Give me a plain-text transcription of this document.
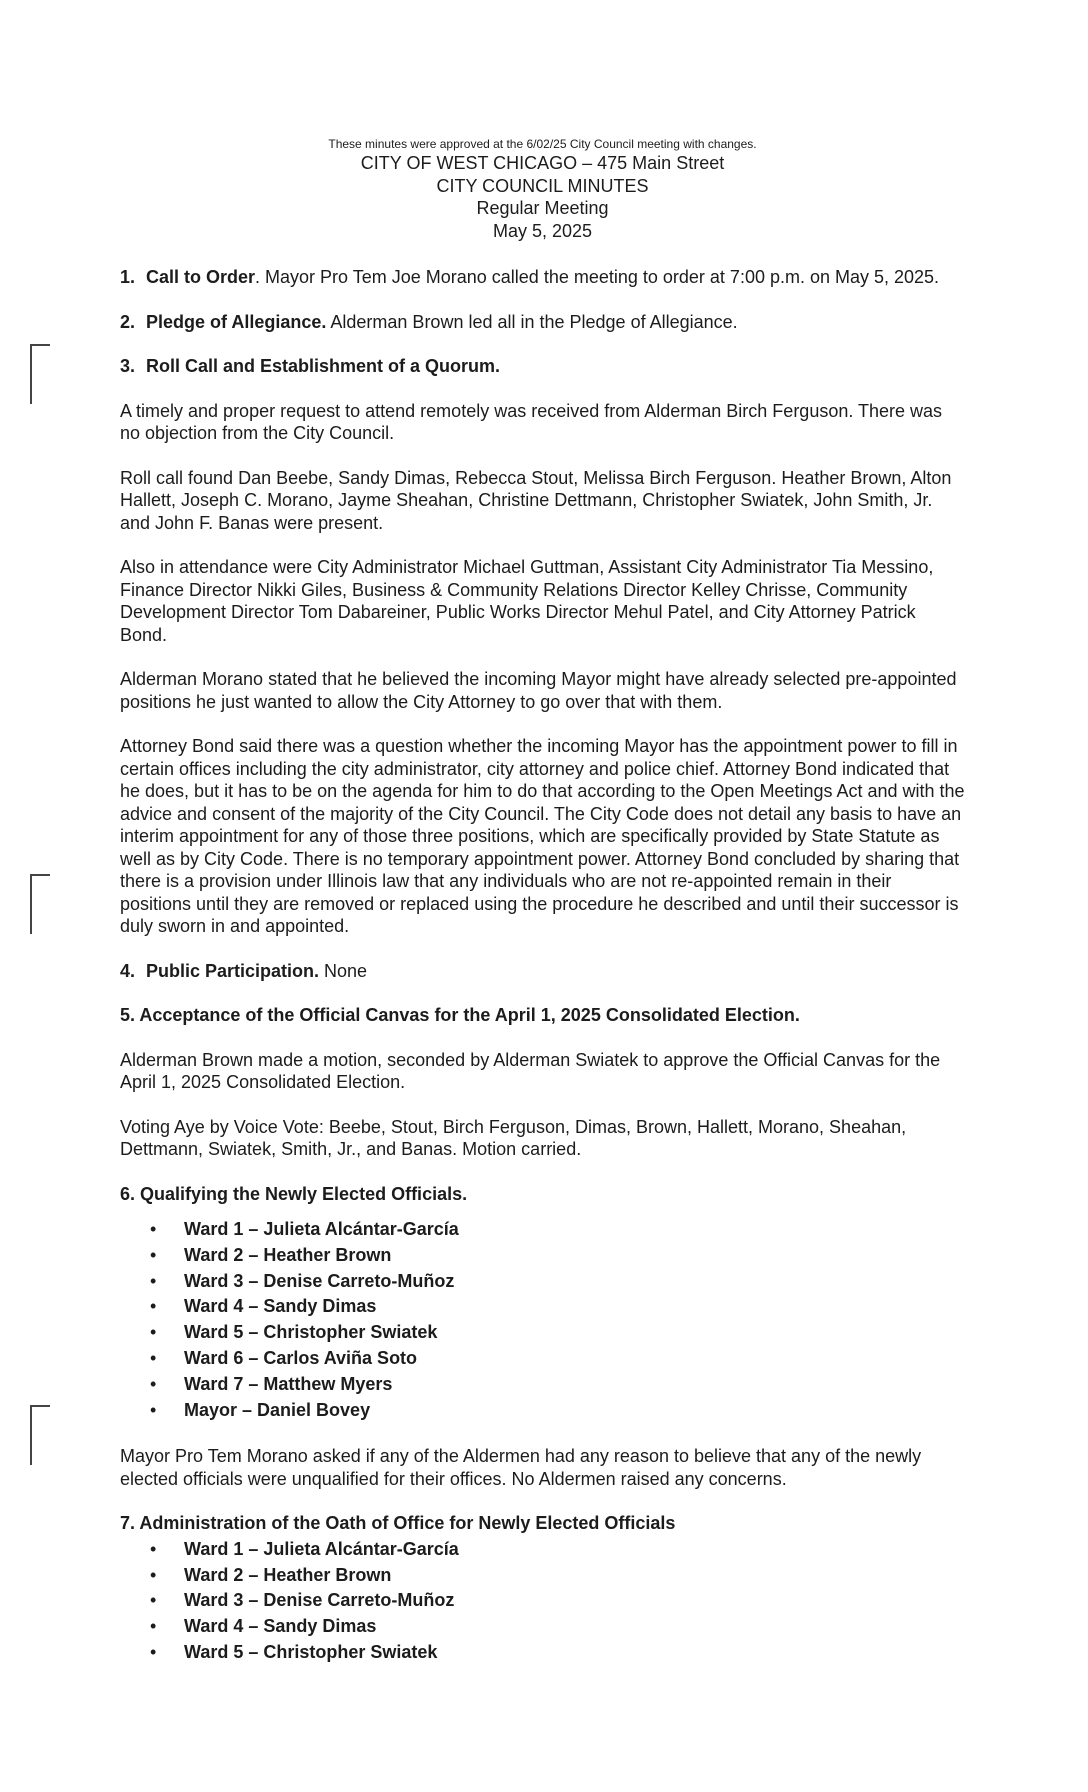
These minutes were approved at the 6/02/25 City Council meeting with changes.
CITY OF WEST CHICAGO – 475 Main Street
CITY COUNCIL MINUTES
Regular Meeting
May 5, 2025

1. Call to Order. Mayor Pro Tem Joe Morano called the meeting to order at 7:00 p.m. on May 5, 2025.

2. Pledge of Allegiance. Alderman Brown led all in the Pledge of Allegiance.

3. Roll Call and Establishment of a Quorum.

A timely and proper request to attend remotely was received from Alderman Birch Ferguson. There was no objection from the City Council.

Roll call found Dan Beebe, Sandy Dimas, Rebecca Stout, Melissa Birch Ferguson. Heather Brown, Alton Hallett, Joseph C. Morano, Jayme Sheahan, Christine Dettmann, Christopher Swiatek, John Smith, Jr. and John F. Banas were present.

Also in attendance were City Administrator Michael Guttman, Assistant City Administrator Tia Messino, Finance Director Nikki Giles, Business & Community Relations Director Kelley Chrisse, Community Development Director Tom Dabareiner, Public Works Director Mehul Patel, and City Attorney Patrick Bond.

Alderman Morano stated that he believed the incoming Mayor might have already selected pre-appointed positions he just wanted to allow the City Attorney to go over that with them.

Attorney Bond said there was a question whether the incoming Mayor has the appointment power to fill in certain offices including the city administrator, city attorney and police chief. Attorney Bond indicated that he does, but it has to be on the agenda for him to do that according to the Open Meetings Act and with the advice and consent of the majority of the City Council. The City Code does not detail any basis to have an interim appointment for any of those three positions, which are specifically provided by State Statute as well as by City Code. There is no temporary appointment power. Attorney Bond concluded by sharing that there is a provision under Illinois law that any individuals who are not re-appointed remain in their positions until they are removed or replaced using the procedure he described and until their successor is duly sworn in and appointed.

4. Public Participation. None

5. Acceptance of the Official Canvas for the April 1, 2025 Consolidated Election.

Alderman Brown made a motion, seconded by Alderman Swiatek to approve the Official Canvas for the April 1, 2025 Consolidated Election.

Voting Aye by Voice Vote: Beebe, Stout, Birch Ferguson, Dimas, Brown, Hallett, Morano, Sheahan, Dettmann, Swiatek, Smith, Jr., and Banas. Motion carried.

6. Qualifying the Newly Elected Officials.

• Ward 1 – Julieta Alcántar-García
• Ward 2 – Heather Brown
• Ward 3 – Denise Carreto-Muñoz
• Ward 4 – Sandy Dimas
• Ward 5 – Christopher Swiatek
• Ward 6 – Carlos Aviña Soto
• Ward 7 – Matthew Myers
• Mayor – Daniel Bovey

Mayor Pro Tem Morano asked if any of the Aldermen had any reason to believe that any of the newly elected officials were unqualified for their offices. No Aldermen raised any concerns.

7. Administration of the Oath of Office for Newly Elected Officials

• Ward 1 – Julieta Alcántar-García
• Ward 2 – Heather Brown
• Ward 3 – Denise Carreto-Muñoz
• Ward 4 – Sandy Dimas
• Ward 5 – Christopher Swiatek
